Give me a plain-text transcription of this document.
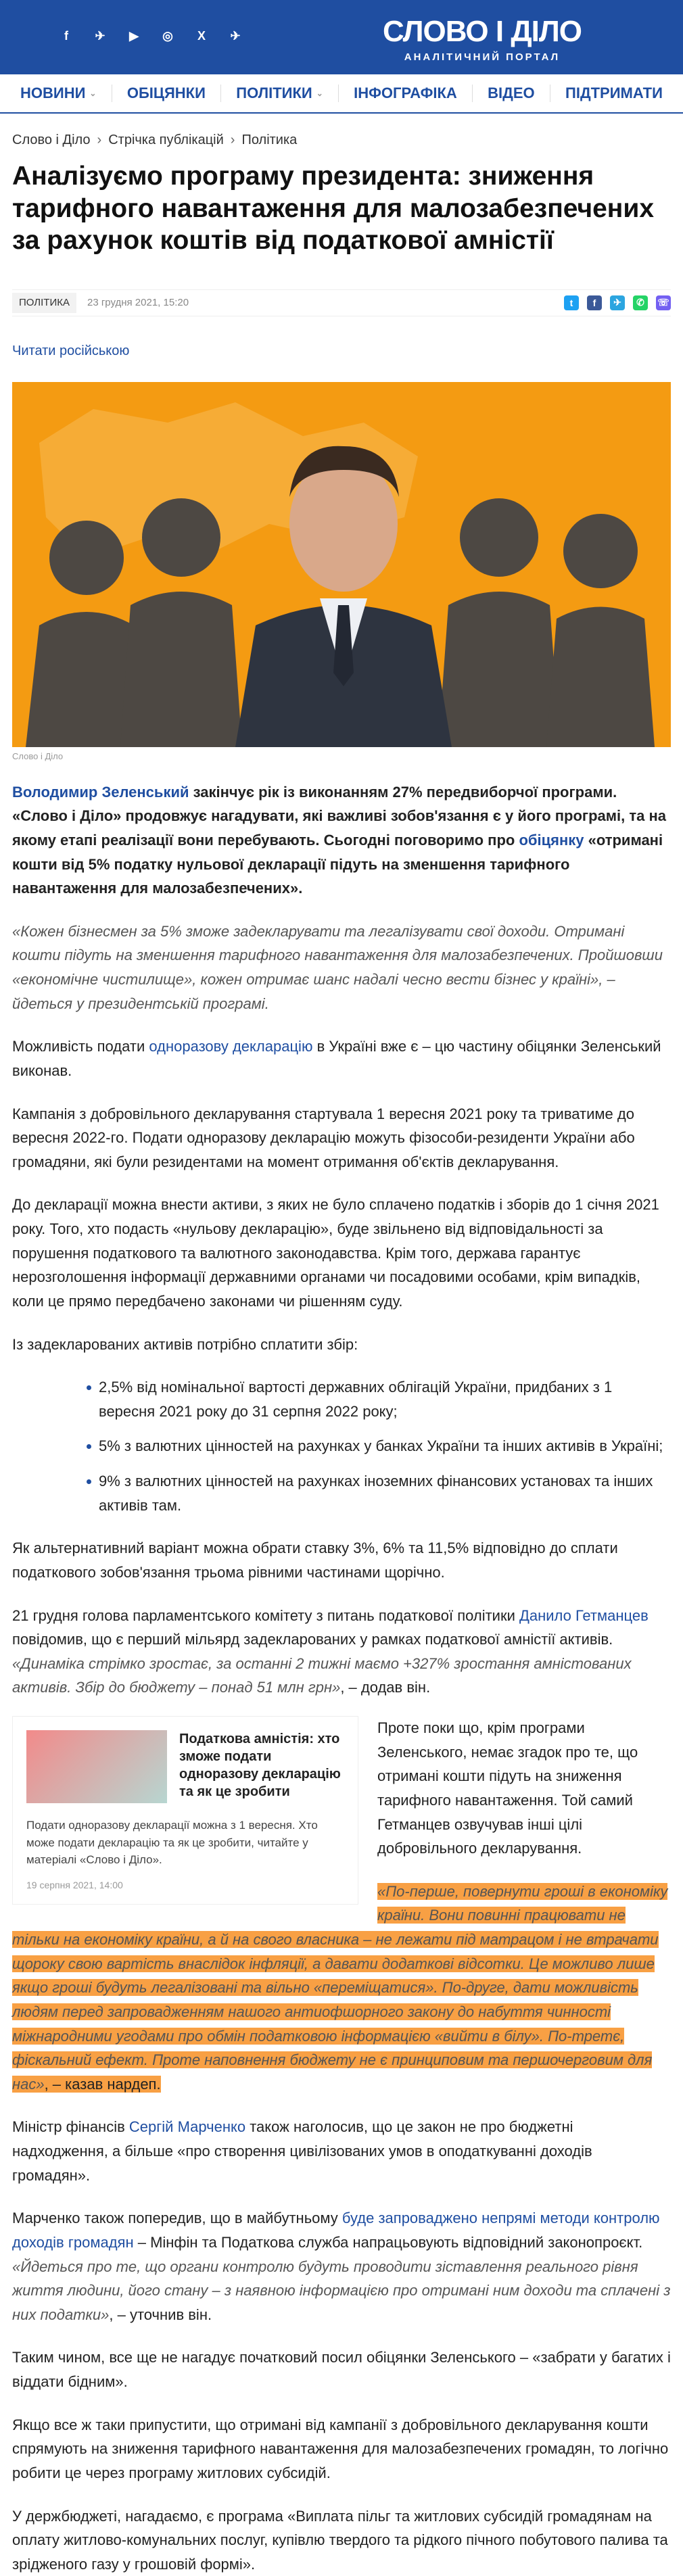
f	✈	▶	◎	X	✈	СЛОВО І ДІЛО
АНАЛІТИЧНИЙ ПОРТАЛ
НОВИНИ ⌄ ОБІЦЯНКИ ПОЛІТИКИ ⌄ ІНФОГРАФІКА ВІДЕО ПІДТРИМАТИ
Слово і Діло › Стрічка публікацій › Політика
Аналізуємо програму президента: зниження тарифного навантаження для малозабезпечених за рахунок коштів від податкової амністії
ПОЛІТИКА	23 грудня 2021, 15:20	t	f	✈	✆	☏
Читати російською
Слово і Діло

Володимир Зеленський закінчує рік із виконанням 27% передвиборчої програми. «Слово і Діло» продовжує нагадувати, які важливі зобов'язання є у його програмі, та на якому етапі реалізації вони перебувають. Сьогодні поговоримо про обіцянку «отримані кошти від 5% податку нульової декларації підуть на зменшення тарифного навантаження для малозабезпечених».

«Кожен бізнесмен за 5% зможе задекларувати та легалізувати свої доходи. Отримані кошти підуть на зменшення тарифного навантаження для малозабезпечених. Пройшовши «економічне чистилище», кожен отримає шанс надалі чесно вести бізнес у країні», – йдеться у президентській програмі.

Можливість подати одноразову декларацію в Україні вже є – цю частину обіцянки Зеленський виконав.

Кампанія з добровільного декларування стартувала 1 вересня 2021 року та триватиме до вересня 2022-го. Подати одноразову декларацію можуть фізособи-резиденти України або громадяни, які були резидентами на момент отримання об'єктів декларування.

До декларації можна внести активи, з яких не було сплачено податків і зборів до 1 січня 2021 року. Того, хто подасть «нульову декларацію», буде звільнено від відповідальності за порушення податкового та валютного законодавства. Крім того, держава гарантує нерозголошення інформації державними органами чи посадовими особами, крім випадків, коли це прямо передбачено законами чи рішенням суду.

Із задекларованих активів потрібно сплатити збір:

2,5% від номінальної вартості державних облігацій України, придбаних з 1 вересня 2021 року до 31 серпня 2022 року;
5% з валютних цінностей на рахунках у банках України та інших активів в Україні;
9% з валютних цінностей на рахунках іноземних фінансових установах та інших активів там.

Як альтернативний варіант можна обрати ставку 3%, 6% та 11,5% відповідно до сплати податкового зобов'язання трьома рівними частинами щорічно.

21 грудня голова парламентського комітету з питань податкової політики Данило Гетманцев повідомив, що є перший мільярд задекларованих у рамках податкової амністії активів. «Динаміка стрімко зростає, за останні 2 тижні маємо +327% зростання амністованих активів. Збір до бюджету – понад 51 млн грн», – додав він.

Податкова амністія: хто зможе подати одноразову декларацію та як це зробити
Подати одноразову декларації можна з 1 вересня. Хто може подати декларацію та як це зробити, читайте у матеріалі «Слово і Діло».
19 серпня 2021, 14:00

Проте поки що, крім програми Зеленського, немає згадок про те, що отримані кошти підуть на зниження тарифного навантаження. Той самий Гетманцев озвучував інші цілі добровільного декларування.

«По-перше, повернути гроші в економіку країни. Вони повинні працювати не тільки на економіку країни, а й на свого власника – не лежати під матрацом і не втрачати щороку свою вартість внаслідок інфляції, а давати додаткові відсотки. Це можливо лише якщо гроші будуть легалізовані та вільно «переміщатися». По-друге, дати можливість людям перед запровадженням нашого антиофшорного закону до набуття чинності міжнародними угодами про обмін податковою інформацією «вийти в білу». По-третє, фіскальний ефект. Проте наповнення бюджету не є принциповим та першочерговим для нас», – казав нардеп.

Міністр фінансів Сергій Марченко також наголосив, що це закон не про бюджетні надходження, а більше «про створення цивілізованих умов в оподаткуванні доходів громадян».

Марченко також попередив, що в майбутньому буде запроваджено непрямі методи контролю доходів громадян – Мінфін та Податкова служба напрацьовують відповідний законопроєкт. «Йдеться про те, що органи контролю будуть проводити зіставлення реального рівня життя людини, його стану – з наявною інформацією про отримані ним доходи та сплачені з них податки», – уточнив він.

Таким чином, все ще не нагадує початковий посил обіцянки Зеленського – «забрати у багатих і віддати бідним».

Якщо все ж таки припустити, що отримані від кампанії з добровільного декларування кошти спрямують на зниження тарифного навантаження для малозабезпечених громадян, то логічно робити це через програму житлових субсидій.

У держбюджеті, нагадаємо, є програма «Виплата пільг та житлових субсидій громадянам на оплату житлово-комунальних послуг, купівлю твердого та рідкого пічного побутового палива та зрідженого газу у грошовій формі».
